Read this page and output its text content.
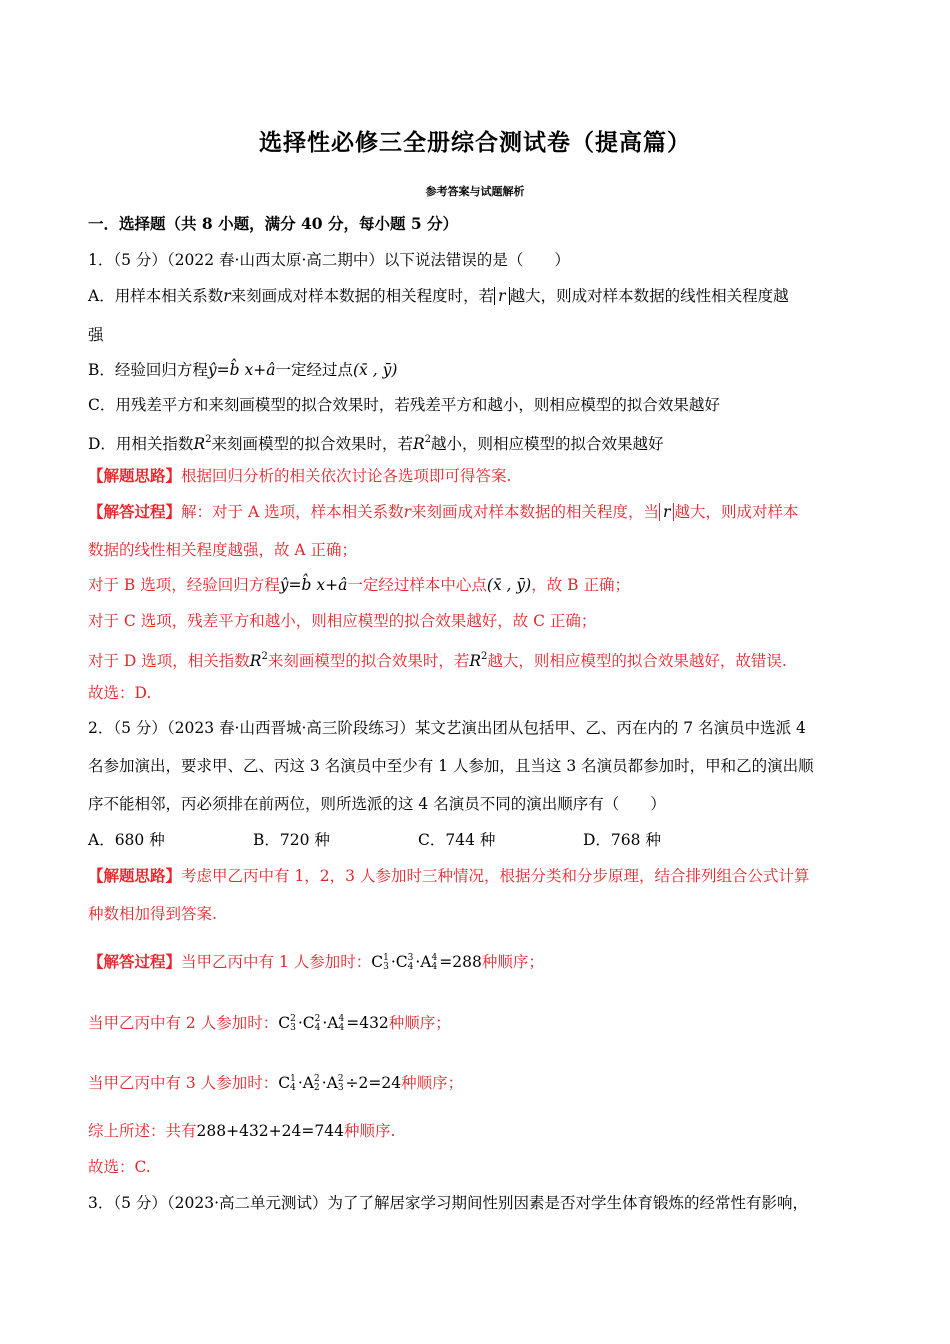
选择性必修三全册综合测试卷（提高篇）
参考答案与试题解析
一．选择题（共 8 小题，满分 40 分，每小题 5 分）
1．（5 分）（2022 春·山西太原·高二期中）以下说法错误的是（　　）
A．用样本相关系数r来刻画成对样本数据的相关程度时，若 r 越大，则成对样本数据的线性相关程度越
强
B．经验回归方程ŷ=b̂ x+â一定经过点(x̄ , ȳ)
C．用残差平方和来刻画模型的拟合效果时，若残差平方和越小，则相应模型的拟合效果越好
D．用相关指数$R^2$来刻画模型的拟合效果时，若$R^2$越小，则相应模型的拟合效果越好
【解题思路】根据回归分析的相关依次讨论各选项即可得答案.
【解答过程】解：对于 A 选项，样本相关系数r来刻画成对样本数据的相关程度，当 r 越大，则成对样本
数据的线性相关程度越强，故 A 正确；
对于 B 选项，经验回归方程ŷ=b̂ x+â一定经过样本中心点(x̄ , ȳ)，故 B 正确；
对于 C 选项，残差平方和越小，则相应模型的拟合效果越好，故 C 正确；
对于 D 选项，相关指数$R^2$来刻画模型的拟合效果时，若$R^2$越大，则相应模型的拟合效果越好，故错误.
故选：D.
2．（5 分）（2023 春·山西晋城·高三阶段练习）某文艺演出团从包括甲、乙、丙在内的 7 名演员中选派 4
名参加演出，要求甲、乙、丙这 3 名演员中至少有 1 人参加，且当这 3 名演员都参加时，甲和乙的演出顺
序不能相邻，丙必须排在前两位，则所选派的这 4 名演员不同的演出顺序有（　　）
A．680 种	B．720 种	C．744 种	D．768 种
【解题思路】考虑甲乙丙中有 1，2，3 人参加时三种情况，根据分类和分步原理，结合排列组合公式计算
种数相加得到答案.
【解答过程】当甲乙丙中有 1 人参加时：C1
3 ·C3
4 ·A4
4 =288种顺序；
当甲乙丙中有 2 人参加时：C2
3 ·C2
4 ·A4
4 =432种顺序；
当甲乙丙中有 3 人参加时：C1
4 ·A2
2 ·A2
3 ÷2=24种顺序；
综上所述：共有288+432+24=744种顺序.
故选：C.
3．（5 分）（2023·高二单元测试）为了了解居家学习期间性别因素是否对学生体育锻炼的经常性有影响，
